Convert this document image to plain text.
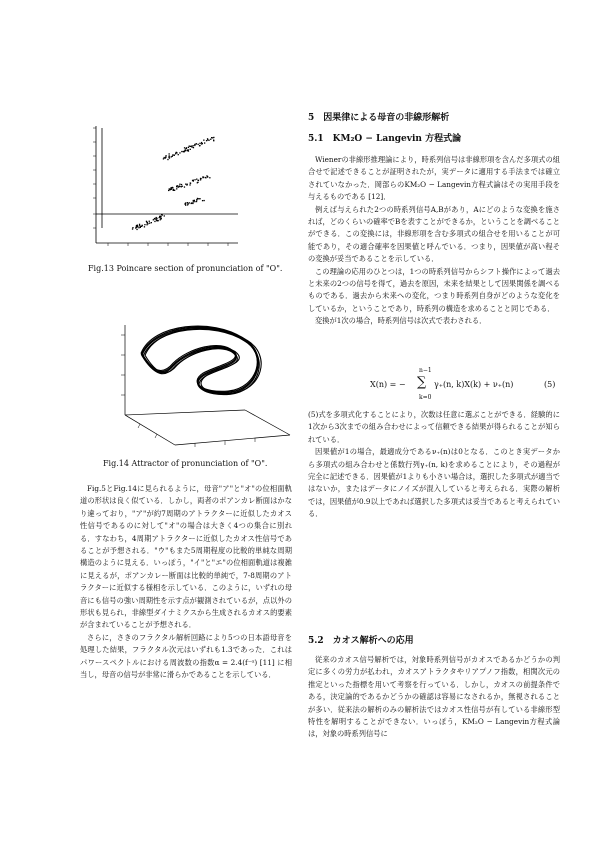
Fig.13 Poincare section of pronunciation of "O".

Fig.14 Attractor of pronunciation of "O".

Fig.5とFig.14に見られるように，母音"ア"と"オ"の位相面軌道の形状は良く似ている．しかし，両者のポアンカレ断面はかなり違っており，"ア"が約7周期のアトラクターに近似したカオス性信号であるのに対して"オ"の場合は大きく4つの集合に別れる．すなわち，4周期アトラクターに近似したカオス性信号であることが予想される．"ウ"もまた5周期程度の比較的単純な周期構造のように見える．いっぽう，"イ"と"エ"の位相面軌道は複雑に見えるが，ポアンカレー断面は比較的単純で，7-8周期のアトラクターに近似する様相を示している．このように，いずれの母音にも信号の強い周期性を示す点が観測されているが，点以外の形状も見られ，非線型ダイナミクスから生成されるカオス的要素が含まれていることが予想される．

さらに，さきのフラクタル解析回路により5つの日本語母音を処理した結果，フラクタル次元はいずれも1.3であった．これはパワースペクトルにおける周波数の指数α = 2.4(f⁻ᵅ) [11] に相当し，母音の信号が非常に滑らかであることを示している．

5　因果律による母音の非線形解析

5.1　KM₂O − Langevin 方程式論

Wienerの非線形推理論により，時系列信号は非線形項を含んだ多項式の組合せで記述できることが証明されたが，実データに適用する手法までは確立されていなかった．岡部らのKM₂O − Langevin方程式論はその実用手段を与えるものである [12]．

例えば与えられた2つの時系列信号A,Bがあり，Aにどのような変換を施されば，どのくらいの確率でBを表すことができるか，ということを調べることができる．この変換には，非線形項を含む多項式の組合せを用いることが可能であり，その適合確率を因果値と呼んでいる．つまり，因果値が高い程その変換が妥当であることを示している．

この理論の応用のひとつは，1つの時系列信号からシフト操作によって過去と未来の2つの信号を得て，過去を原因，未来を結果として因果関係を調べるものである．過去から未来への変化，つまり時系列自身がどのような変化をしているか，ということであり，時系列の構造を求めることと同じである．

変換が1次の場合，時系列信号は次式で表わされる．

X(n) = −
n−1
∑
k=0
γ₊(n, k)X(k) + ν₊(n)	(5)

(5)式を多項式化することにより，次数は任意に選ぶことができる．経験的に1次から3次までの組み合わせによって信頼できる結果が得られることが知られている．

因果値が1の場合，最適成分であるν₊(n)は0となる．このとき実データから多項式の組み合わせと係数行列γ₊(n, k)を求めることにより，その過程が完全に記述できる．因果値が1よりも小さい場合は，選択した多項式が適当ではないか，またはデータにノイズが混入していると考えられる．実際の解析では，因果値が0.9以上であれば選択した多項式は妥当であると考えられている．

5.2　カオス解析への応用

従来のカオス信号解析では，対象時系列信号がカオスであるかどうかの判定に多くの労力が払われ，カオスアトラクタやリアプノフ指数，相関次元の推定といった指標を用いて考察を行っている．しかし，カオスの前提条件である，決定論的であるかどうかの確認は容易になされるか，無視されることが多い．従来法の解析のみの解析法ではカオス性信号が有している非線形型特性を解明することができない．いっぽう，KM₂O − Langevin方程式論は，対象の時系列信号に
